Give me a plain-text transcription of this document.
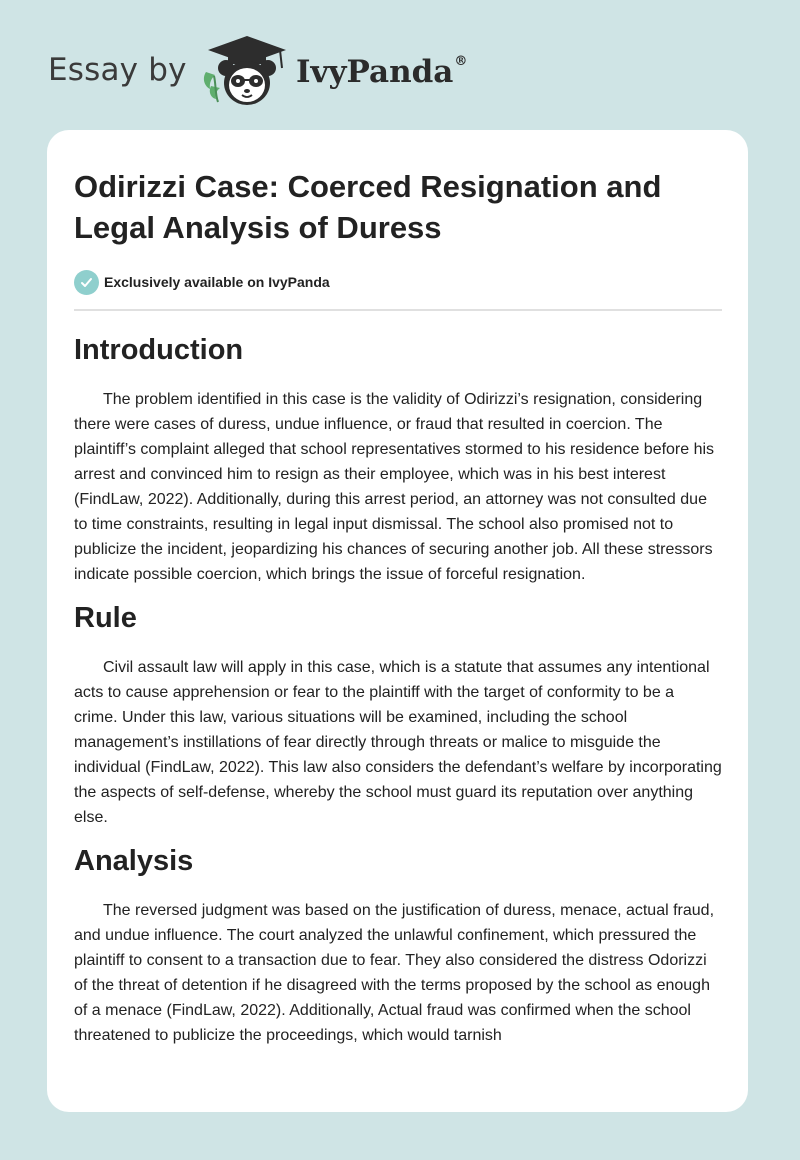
Essay by	IvyPanda®
Odirizzi Case: Coerced Resignation and Legal Analysis of Duress
Exclusively available on IvyPanda
Introduction

The problem identified in this case is the validity of Odirizzi’s resignation, considering there were cases of duress, undue influence, or fraud that resulted in coercion. The plaintiff’s complaint alleged that school representatives stormed to his residence before his arrest and convinced him to resign as their employee, which was in his best interest (FindLaw, 2022). Additionally, during this arrest period, an attorney was not consulted due to time constraints, resulting in legal input dismissal. The school also promised not to publicize the incident, jeopardizing his chances of securing another job. All these stressors indicate possible coercion, which brings the issue of forceful resignation.

Rule

Civil assault law will apply in this case, which is a statute that assumes any intentional acts to cause apprehension or fear to the plaintiff with the target of conformity to be a crime. Under this law, various situations will be examined, including the school management’s instillations of fear directly through threats or malice to misguide the individual (FindLaw, 2022). This law also considers the defendant’s welfare by incorporating the aspects of self-defense, whereby the school must guard its reputation over anything else.

Analysis

The reversed judgment was based on the justification of duress, menace, actual fraud, and undue influence. The court analyzed the unlawful confinement, which pressured the plaintiff to consent to a transaction due to fear. They also considered the distress Odorizzi of the threat of detention if he disagreed with the terms proposed by the school as enough of a menace (FindLaw, 2022). Additionally, Actual fraud was confirmed when the school threatened to publicize the proceedings, which would tarnish
